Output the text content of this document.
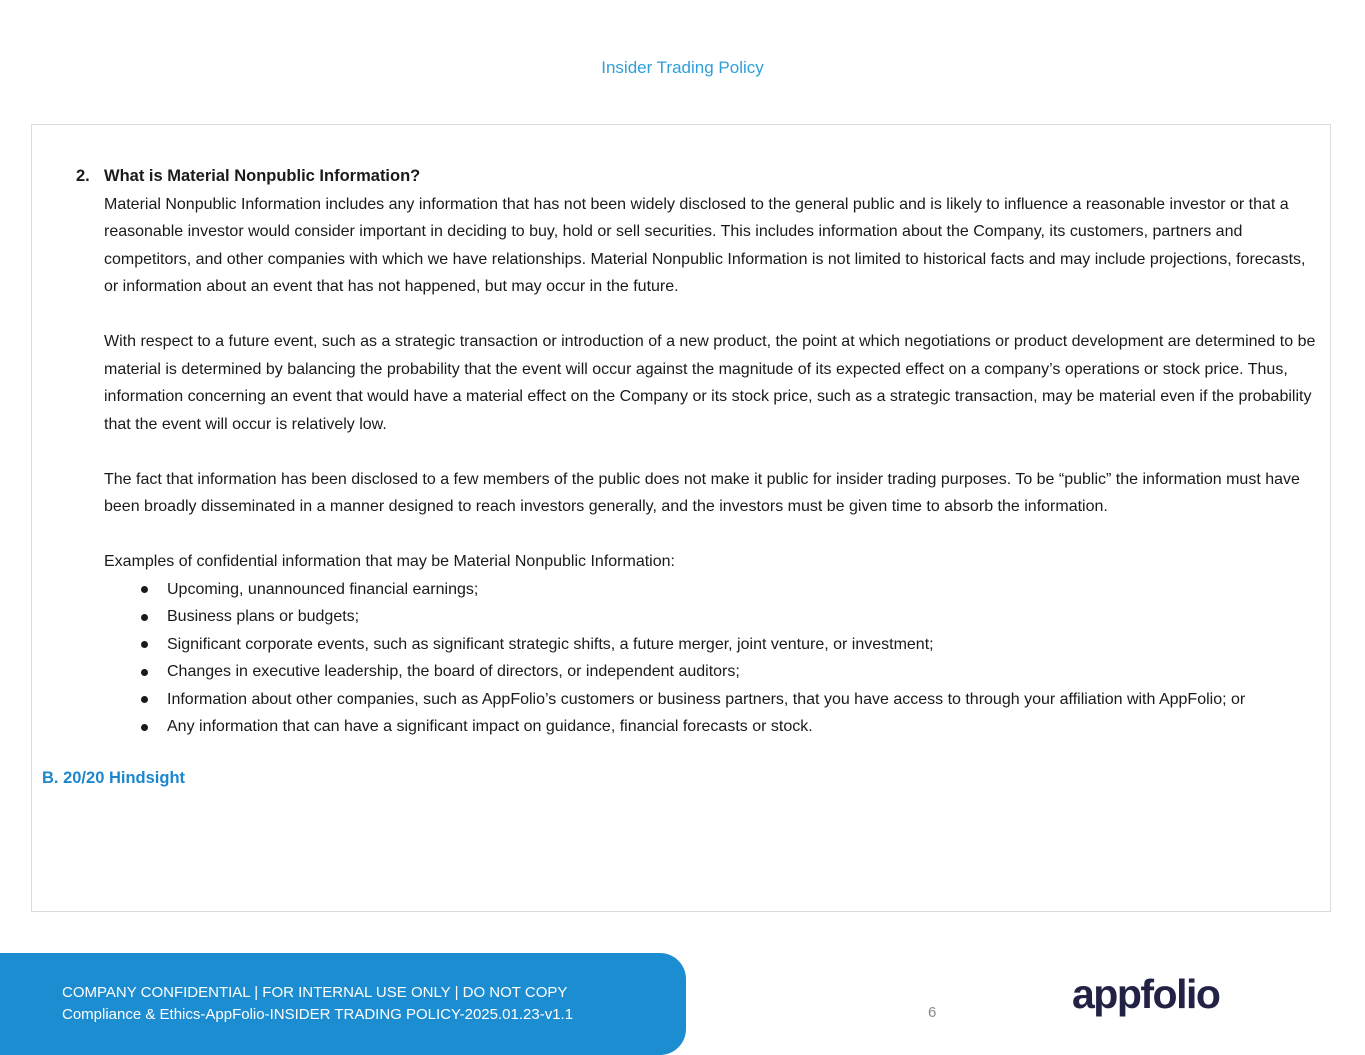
Insider Trading Policy
2. What is Material Nonpublic Information?

Material Nonpublic Information includes any information that has not been widely disclosed to the general public and is likely to influence a reasonable investor or that a reasonable investor would consider important in deciding to buy, hold or sell securities. This includes information about the Company, its customers, partners and competitors, and other companies with which we have relationships. Material Nonpublic Information is not limited to historical facts and may include projections, forecasts, or information about an event that has not happened, but may occur in the future.

With respect to a future event, such as a strategic transaction or introduction of a new product, the point at which negotiations or product development are determined to be material is determined by balancing the probability that the event will occur against the magnitude of its expected effect on a company’s operations or stock price. Thus, information concerning an event that would have a material effect on the Company or its stock price, such as a strategic transaction, may be material even if the probability that the event will occur is relatively low.

The fact that information has been disclosed to a few members of the public does not make it public for insider trading purposes. To be “public” the information must have been broadly disseminated in a manner designed to reach investors generally, and the investors must be given time to absorb the information.

Examples of confidential information that may be Material Nonpublic Information:

Upcoming, unannounced financial earnings;
Business plans or budgets;
Significant corporate events, such as significant strategic shifts, a future merger, joint venture, or investment;
Changes in executive leadership, the board of directors, or independent auditors;
Information about other companies, such as AppFolio’s customers or business partners, that you have access to through your affiliation with AppFolio; or
Any information that can have a significant impact on guidance, financial forecasts or stock.
B. 20/20 Hindsight
COMPANY CONFIDENTIAL | FOR INTERNAL USE ONLY | DO NOT COPY
Compliance & Ethics-AppFolio-INSIDER TRADING POLICY-2025.01.23-v1.1	6	appfolio
